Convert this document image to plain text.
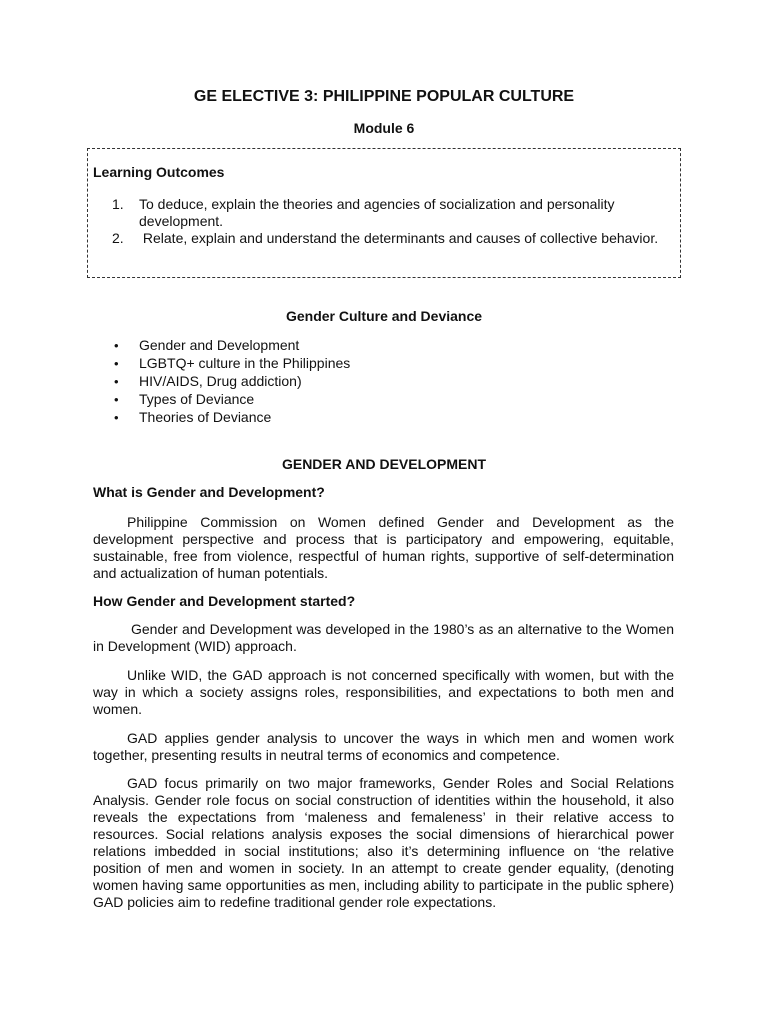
GE ELECTIVE 3: PHILIPPINE POPULAR CULTURE
Module 6
Learning Outcomes
1.	To deduce, explain the theories and agencies of socialization and personality development.
2.	Relate, explain and understand the determinants and causes of collective behavior.
Gender Culture and Deviance
•	Gender and Development
•	LGBTQ+ culture in the Philippines
•	HIV/AIDS, Drug addiction)
•	Types of Deviance
•	Theories of Deviance
GENDER AND DEVELOPMENT
What is Gender and Development?

Philippine Commission on Women defined Gender and Development as the development perspective and process that is participatory and empowering, equitable, sustainable, free from violence, respectful of human rights, supportive of self-determination and actualization of human potentials.

How Gender and Development started?

Gender and Development was developed in the 1980’s as an alternative to the Women in Development (WID) approach.

Unlike WID, the GAD approach is not concerned specifically with women, but with the way in which a society assigns roles, responsibilities, and expectations to both men and women.

GAD applies gender analysis to uncover the ways in which men and women work together, presenting results in neutral terms of economics and competence.

GAD focus primarily on two major frameworks, Gender Roles and Social Relations Analysis. Gender role focus on social construction of identities within the household, it also reveals the expectations from ‘maleness and femaleness’ in their relative access to resources. Social relations analysis exposes the social dimensions of hierarchical power relations imbedded in social institutions; also it’s determining influence on ‘the relative position of men and women in society. In an attempt to create gender equality, (denoting women having same opportunities as men, including ability to participate in the public sphere) GAD policies aim to redefine traditional gender role expectations.
